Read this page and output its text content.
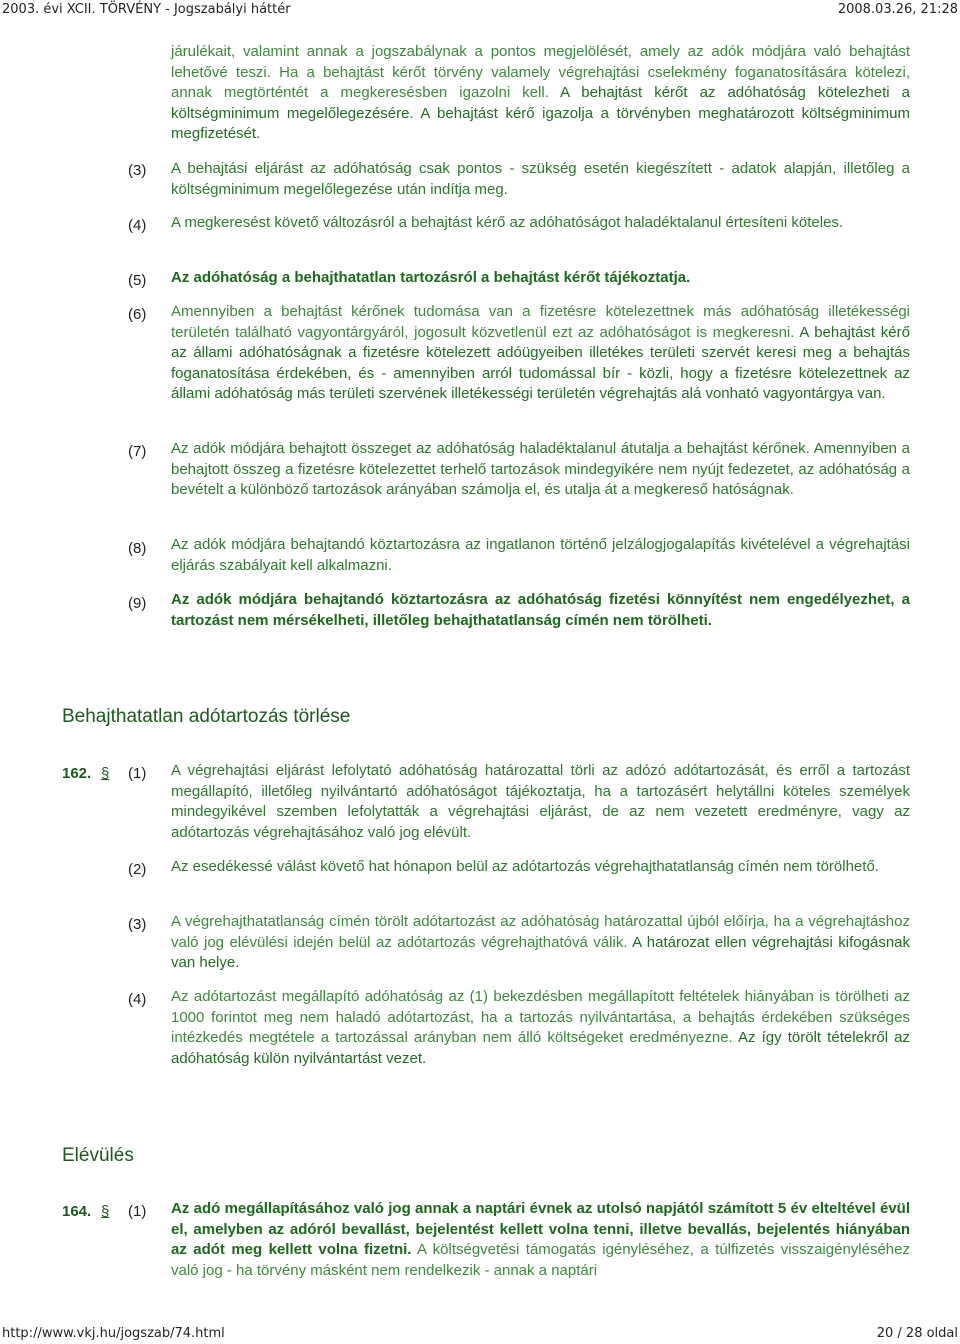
2003. évi XCII. TÖRVÉNY - Jogszabályi háttér	2008.03.26, 21:28
járulékait, valamint annak a jogszabálynak a pontos megjelölését, amely az adók módjára való behajtást lehetővé teszi. Ha a behajtást kérőt törvény valamely végrehajtási cselekmény foganatosítására kötelezi, annak megtörténtét a megkeresésben igazolni kell. A behajtást kérőt az adóhatóság kötelezheti a költségminimum megelőlegezésére. A behajtást kérő igazolja a törvényben meghatározott költségminimum megfizetését.
(3) A behajtási eljárást az adóhatóság csak pontos - szükség esetén kiegészített - adatok alapján, illetőleg a költségminimum megelőlegezése után indítja meg.
(4) A megkeresést követő változásról a behajtást kérő az adóhatóságot haladéktalanul értesíteni köteles.
(5) Az adóhatóság a behajthatatlan tartozásról a behajtást kérőt tájékoztatja.
(6) Amennyiben a behajtást kérőnek tudomása van a fizetésre kötelezettnek más adóhatóság illetékességi területén található vagyontárgyáról, jogosult közvetlenül ezt az adóhatóságot is megkeresni. A behajtást kérő az állami adóhatóságnak a fizetésre kötelezett adóügyeiben illetékes területi szervét keresi meg a behajtás foganatosítása érdekében, és - amennyiben arról tudomással bír - közli, hogy a fizetésre kötelezettnek az állami adóhatóság más területi szervének illetékességi területén végrehajtás alá vonható vagyontárgya van.
(7) Az adók módjára behajtott összeget az adóhatóság haladéktalanul átutalja a behajtást kérőnek. Amennyiben a behajtott összeg a fizetésre kötelezettet terhelő tartozások mindegyikére nem nyújt fedezetet, az adóhatóság a bevételt a különböző tartozások arányában számolja el, és utalja át a megkereső hatóságnak.
(8) Az adók módjára behajtandó köztartozásra az ingatlanon történő jelzálogjogalapítás kivételével a végrehajtási eljárás szabályait kell alkalmazni.
(9) Az adók módjára behajtandó köztartozásra az adóhatóság fizetési könnyítést nem engedélyezhet, a tartozást nem mérsékelheti, illetőleg behajthatatlanság címén nem törölheti.
Behajthatatlan adótartozás törlése
162. § (1) A végrehajtási eljárást lefolytató adóhatóság határozattal törli az adózó adótartozását, és erről a tartozást megállapító, illetőleg nyilvántartó adóhatóságot tájékoztatja, ha a tartozásért helytállni köteles személyek mindegyikével szemben lefolytatták a végrehajtási eljárást, de az nem vezetett eredményre, vagy az adótartozás végrehajtásához való jog elévült.
(2) Az esedékessé válást követő hat hónapon belül az adótartozás végrehajthatatlanság címén nem törölhető.
(3) A végrehajthatatlanság címén törölt adótartozást az adóhatóság határozattal újból előírja, ha a végrehajtáshoz való jog elévülési idején belül az adótartozás végrehajthatóvá válik. A határozat ellen végrehajtási kifogásnak van helye.
(4) Az adótartozást megállapító adóhatóság az (1) bekezdésben megállapított feltételek hiányában is törölheti az 1000 forintot meg nem haladó adótartozást, ha a tartozás nyilvántartása, a behajtás érdekében szükséges intézkedés megtétele a tartozással arányban nem álló költségeket eredményezne. Az így törölt tételekről az adóhatóság külön nyilvántartást vezet.
Elévülés
164. § (1) Az adó megállapításához való jog annak a naptári évnek az utolsó napjától számított 5 év elteltével évül el, amelyben az adóról bevallást, bejelentést kellett volna tenni, illetve bevallás, bejelentés hiányában az adót meg kellett volna fizetni. A költségvetési támogatás igényléséhez, a túlfizetés visszaigényléséhez való jog - ha törvény másként nem rendelkezik - annak a naptári
http://www.vkj.hu/jogszab/74.html	20 / 28 oldal
